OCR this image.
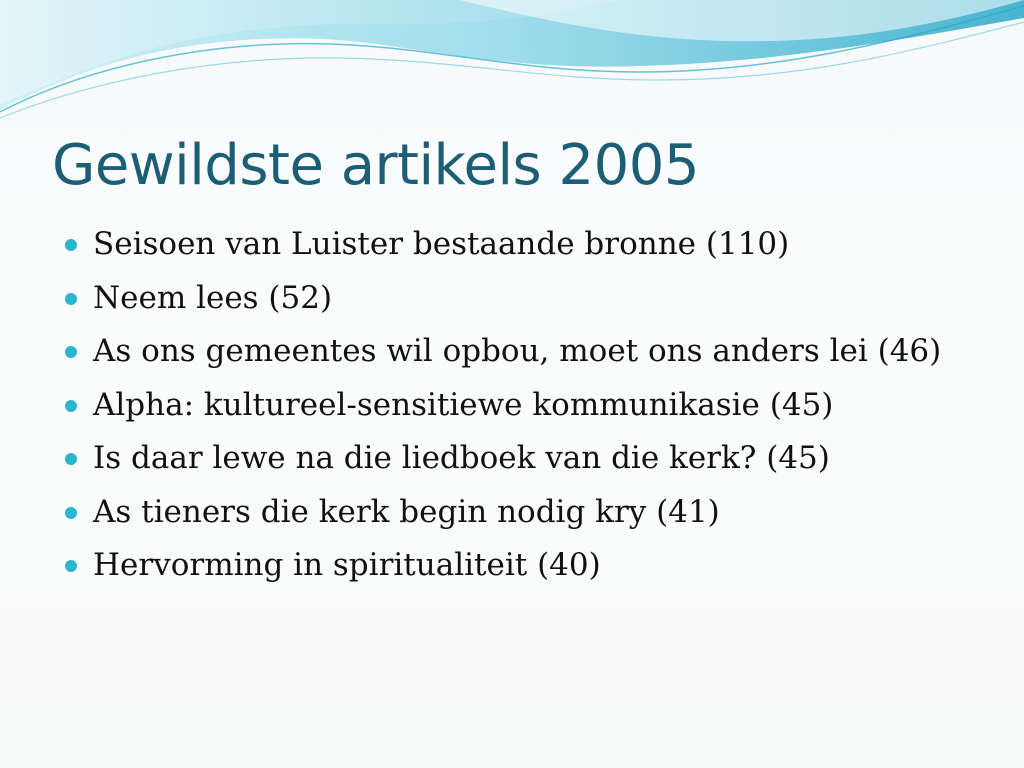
Gewildste artikels 2005
Seisoen van Luister bestaande bronne (110)
Neem lees (52)
As ons gemeentes wil opbou, moet ons anders lei (46)
Alpha: kultureel-sensitiewe kommunikasie (45)
Is daar lewe na die liedboek van die kerk? (45)
As tieners die kerk begin nodig kry (41)
Hervorming in spiritualiteit (40)
